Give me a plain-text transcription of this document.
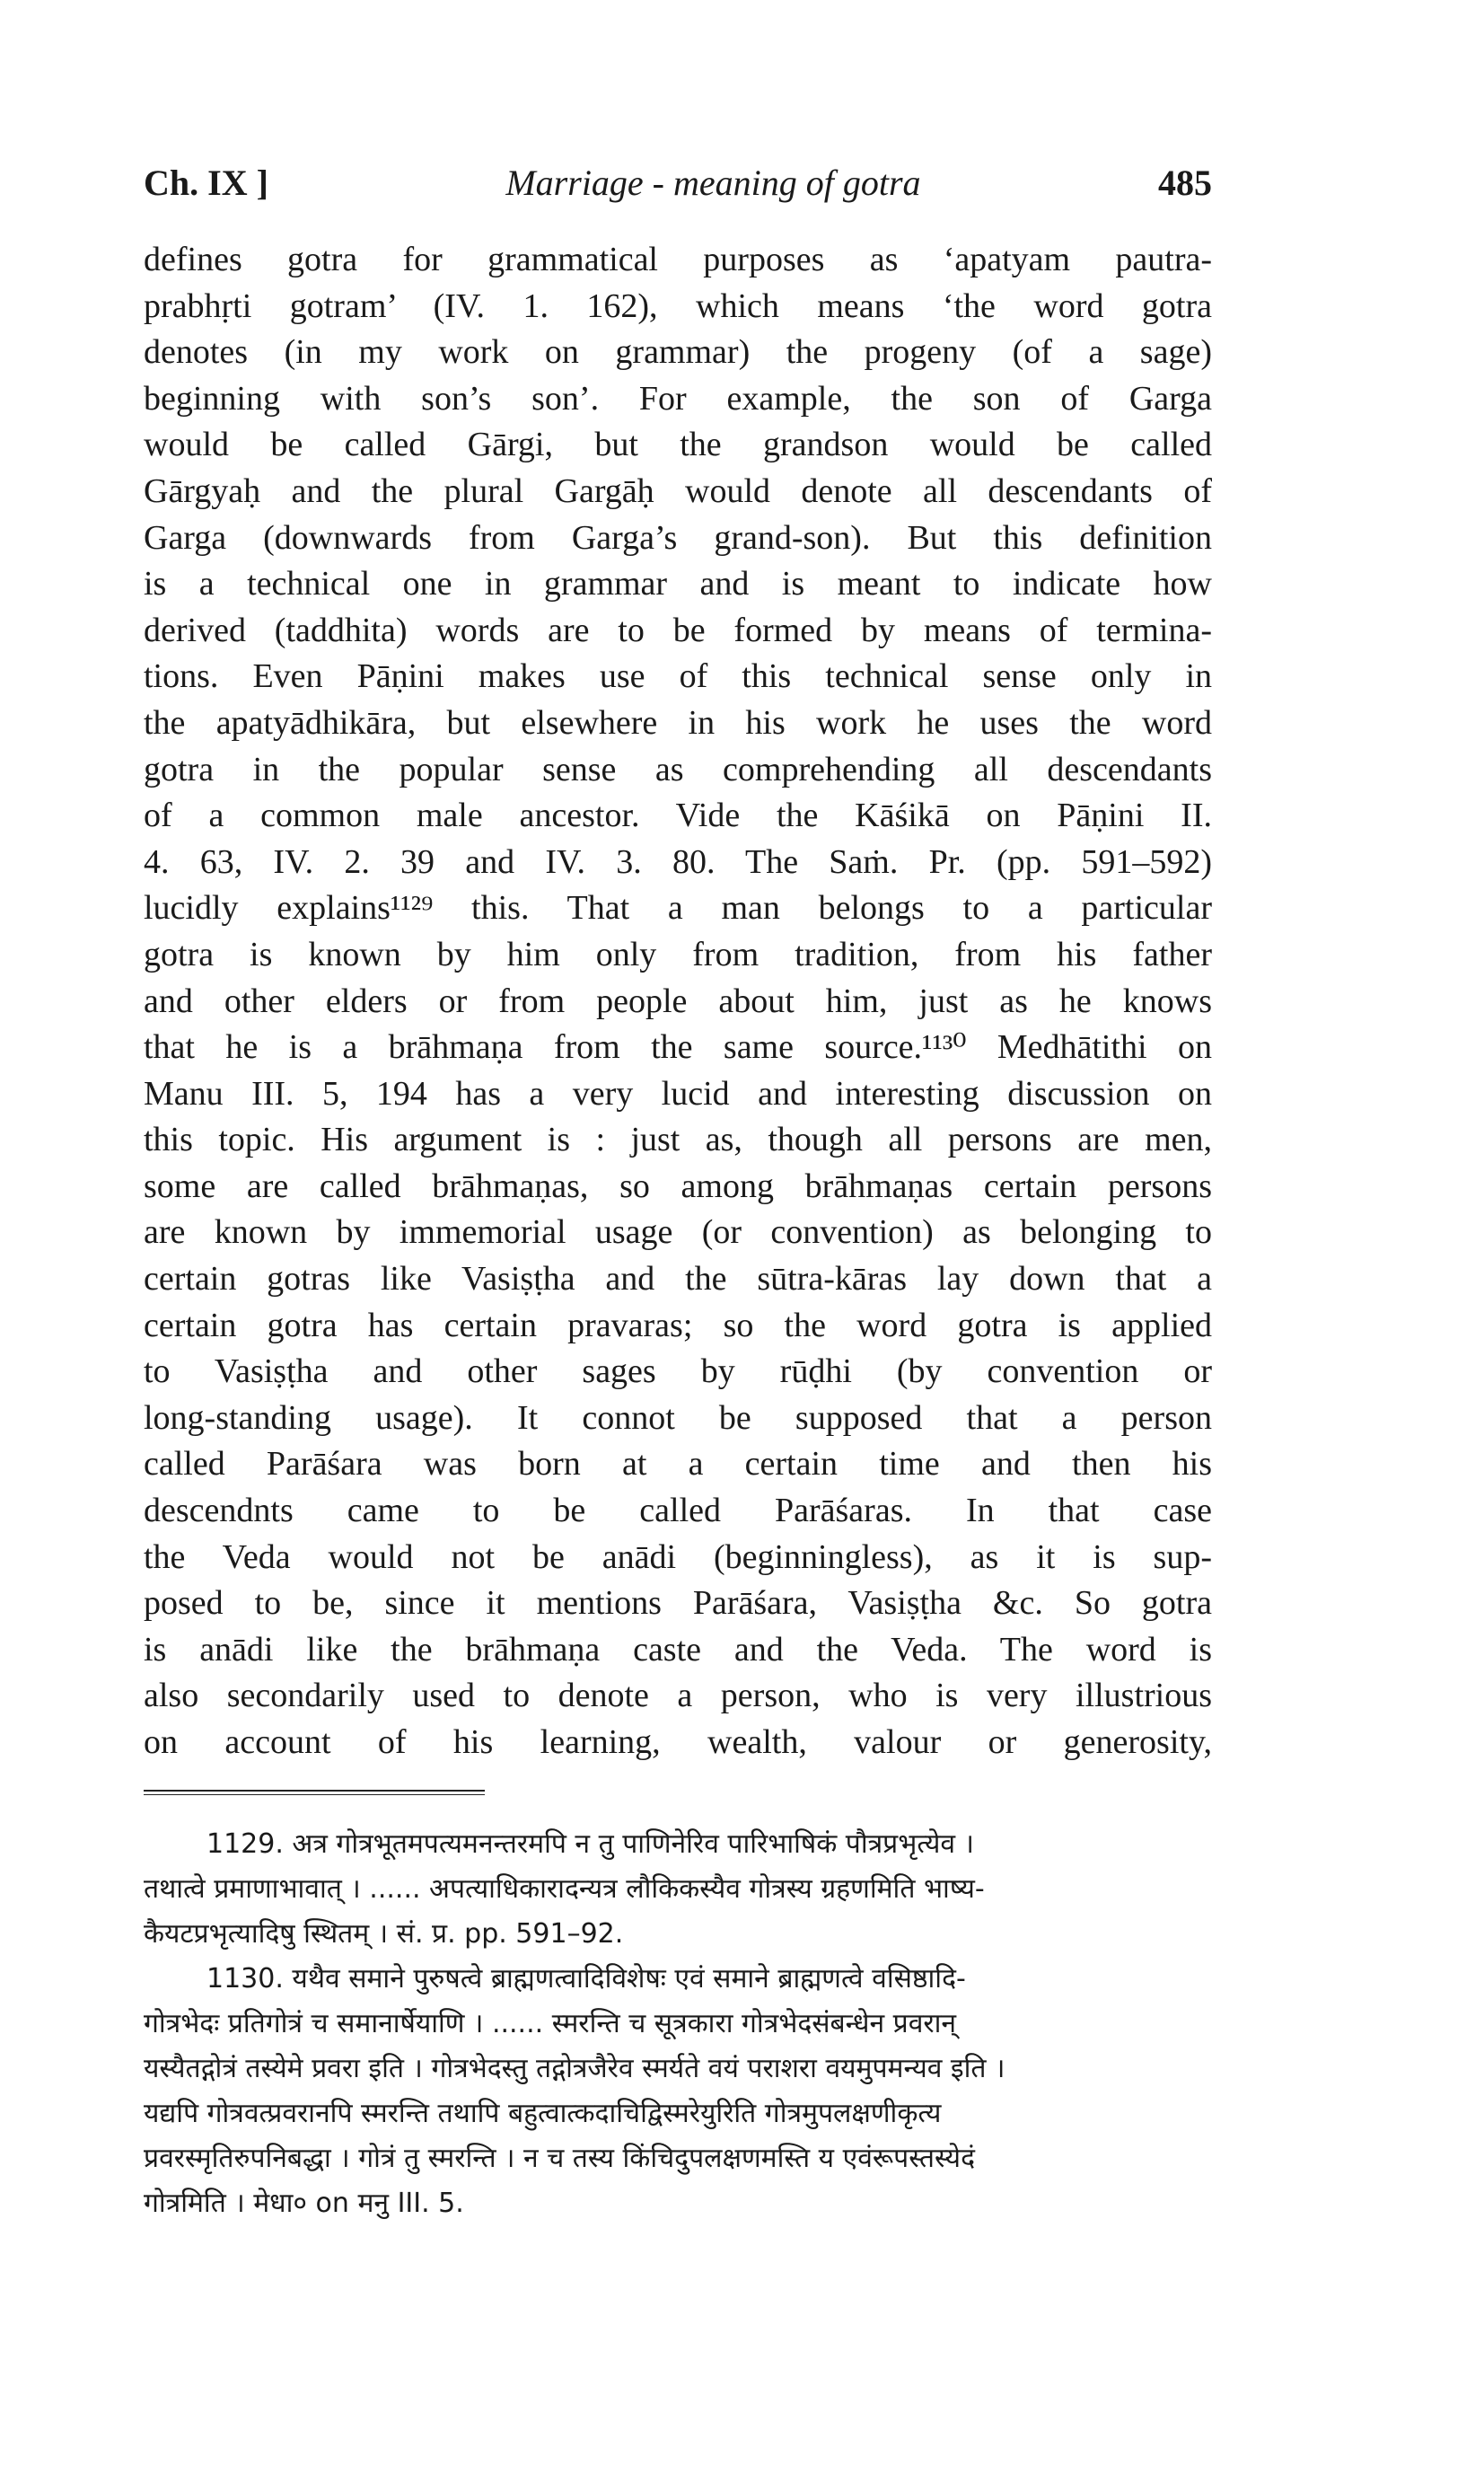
Ch. IX ]	Marriage - meaning of gotra	485
defines gotra for grammatical purposes as ‘apatyam pautra-
prabhṛti gotram’ (IV. 1. 162), which means ‘the word gotra
denotes (in my work on grammar) the progeny (of a sage)
beginning with son’s son’. For example, the son of Garga
would be called Gārgi, but the grandson would be called
Gārgyaḥ and the plural Gargāḥ would denote all descendants of
Garga (downwards from Garga’s grand-son). But this definition
is a technical one in grammar and is meant to indicate how
derived (taddhita) words are to be formed by means of termina-
tions. Even Pāṇini makes use of this technical sense only in
the apatyādhikāra, but elsewhere in his work he uses the word
gotra in the popular sense as comprehending all descendants
of a common male ancestor. Vide the Kāśikā on Pāṇini II.
4. 63, IV. 2. 39 and IV. 3. 80. The Saṁ. Pr. (pp. 591–592)
lucidly explains¹¹²⁹ this. That a man belongs to a particular
gotra is known by him only from tradition, from his father
and other elders or from people about him, just as he knows
that he is a brāhmaṇa from the same source.¹¹³⁰ Medhātithi on
Manu III. 5, 194 has a very lucid and interesting discussion on
this topic. His argument is : just as, though all persons are men,
some are called brāhmaṇas, so among brāhmaṇas certain persons
are known by immemorial usage (or convention) as belonging to
certain gotras like Vasiṣṭha and the sūtra-kāras lay down that a
certain gotra has certain pravaras; so the word gotra is applied
to Vasiṣṭha and other sages by rūḍhi (by convention or
long-standing usage). It connot be supposed that a person
called Parāśara was born at a certain time and then his
descendnts came to be called Parāśaras. In that case
the Veda would not be anādi (beginningless), as it is sup-
posed to be, since it mentions Parāśara, Vasiṣṭha &c. So gotra
is anādi like the brāhmaṇa caste and the Veda. The word is
also secondarily used to denote a person, who is very illustrious
on account of his learning, wealth, valour or generosity,
1129. अत्र गोत्रभूतमपत्यमनन्तरमपि न तु पाणिनेरिव पारिभाषिकं पौत्रप्रभृत्येव ।
तथात्वे प्रमाणाभावात् । ...... अपत्याधिकारादन्यत्र लौकिकस्यैव गोत्रस्य ग्रहणमिति भाष्य-
कैयटप्रभृत्यादिषु स्थितम् । सं. प्र. pp. 591–92.
1130. यथैव समाने पुरुषत्वे ब्राह्मणत्वादिविशेषः एवं समाने ब्राह्मणत्वे वसिष्ठादि-
गोत्रभेदः प्रतिगोत्रं च समानार्षेयाणि । ...... स्मरन्ति च सूत्रकारा गोत्रभेदसंबन्धेन प्रवरान्
यस्यैतद्गोत्रं तस्येमे प्रवरा इति । गोत्रभेदस्तु तद्गोत्रजैरेव स्मर्यते वयं पराशरा वयमुपमन्यव इति ।
यद्यपि गोत्रवत्प्रवरानपि स्मरन्ति तथापि बहुत्वात्कदाचिद्विस्मरेयुरिति गोत्रमुपलक्षणीकृत्य
प्रवरस्मृतिरुपनिबद्धा । गोत्रं तु स्मरन्ति । न च तस्य किंचिदुपलक्षणमस्ति य एवंरूपस्तस्येदं
गोत्रमिति । मेधा० on मनु III. 5.
